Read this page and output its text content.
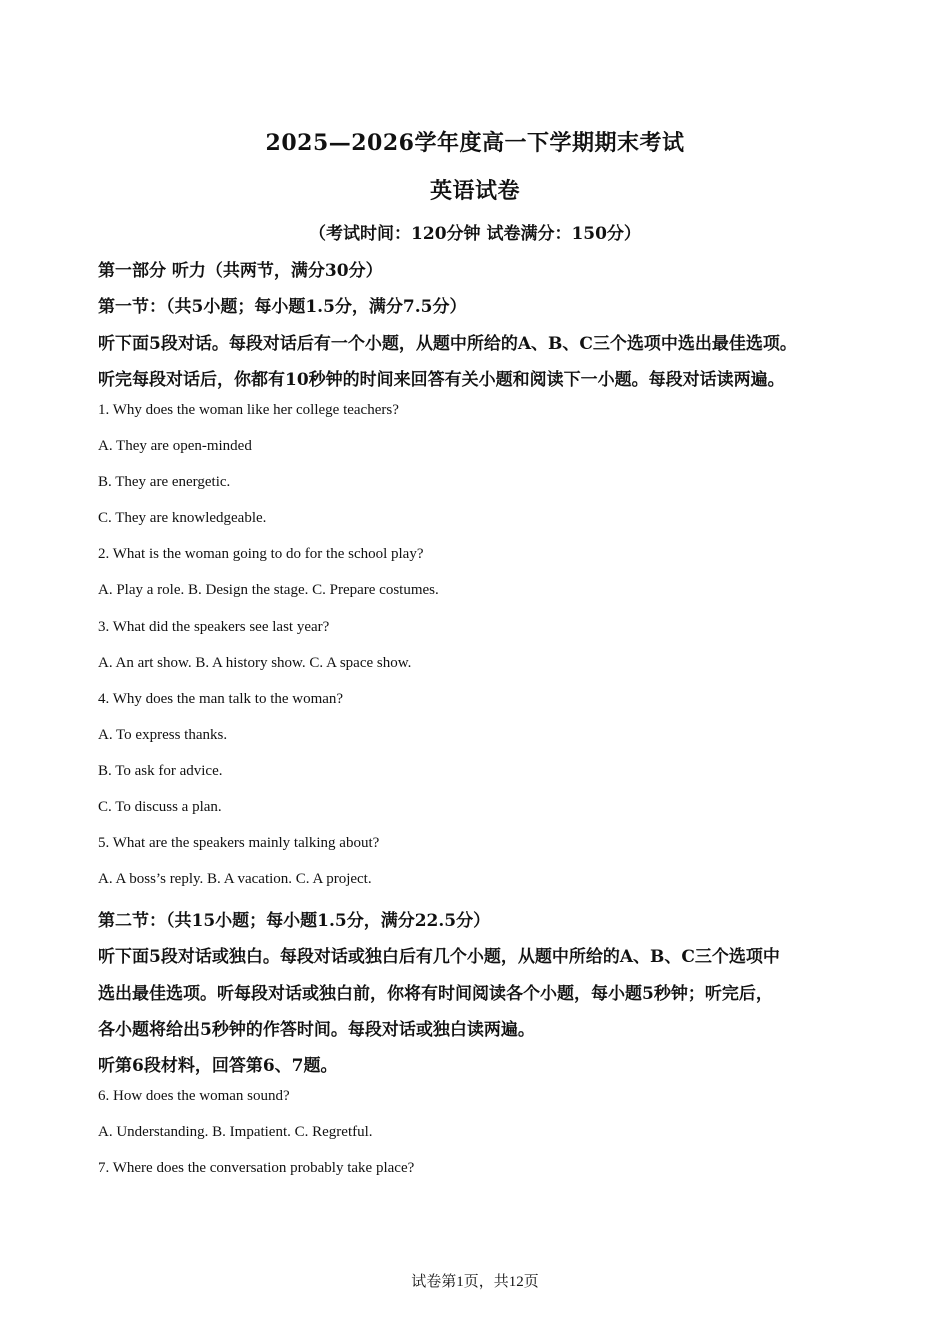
2025—2026学年度高一下学期期末考试
英语试卷
（考试时间：120分钟 试卷满分：150分）
第一部分 听力（共两节，满分30分）
第一节：（共5小题；每小题1.5分，满分7.5分）
听下面5段对话。每段对话后有一个小题，从题中所给的A、B、C三个选项中选出最佳选项。
听完每段对话后，你都有10秒钟的时间来回答有关小题和阅读下一小题。每段对话读两遍。
1. Why does the woman like her college teachers?
A. They are open-minded
B. They are energetic.
C. They are knowledgeable.
2. What is the woman going to do for the school play?
A. Play a role. B. Design the stage. C. Prepare costumes.
3. What did the speakers see last year?
A. An art show. B. A history show. C. A space show.
4. Why does the man talk to the woman?
A. To express thanks.
B. To ask for advice.
C. To discuss a plan.
5. What are the speakers mainly talking about?
A. A boss’s reply. B. A vacation. C. A project.
第二节：（共15小题；每小题1.5分，满分22.5分）
听下面5段对话或独白。每段对话或独白后有几个小题，从题中所给的A、B、C三个选项中
选出最佳选项。听每段对话或独白前，你将有时间阅读各个小题，每小题5秒钟；听完后，
各小题将给出5秒钟的作答时间。每段对话或独白读两遍。
听第6段材料，回答第6、7题。
6. How does the woman sound?
A. Understanding. B. Impatient. C. Regretful.
7. Where does the conversation probably take place?
试卷第1页，共12页
